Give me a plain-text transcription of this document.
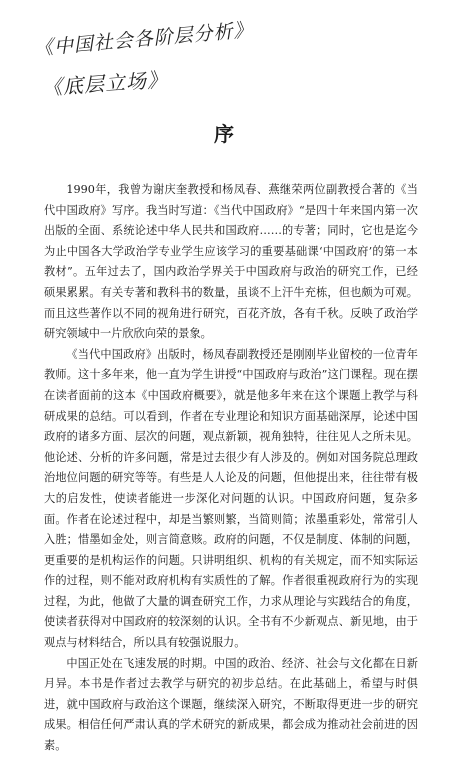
《中国社会各阶层分析》
《底层立场》
序

1990年，我曾为谢庆奎教授和杨凤春、燕继荣两位副教授合著的《当代中国政府》写序。我当时写道：《当代中国政府》“是四十年来国内第一次出版的全面、系统论述中华人民共和国政府……的专著；同时，它也是迄今为止中国各大学政治学专业学生应该学习的重要基础课‘中国政府’的第一本教材”。五年过去了，国内政治学界关于中国政府与政治的研究工作，已经硕果累累。有关专著和教科书的数量，虽谈不上汗牛充栋，但也颇为可观。而且这些著作以不同的视角进行研究，百花齐放，各有千秋。反映了政治学研究领域中一片欣欣向荣的景象。

《当代中国政府》出版时，杨凤春副教授还是刚刚毕业留校的一位青年教师。这十多年来，他一直为学生讲授“中国政府与政治”这门课程。现在摆在读者面前的这本《中国政府概要》，就是他多年来在这个课题上教学与科研成果的总结。可以看到，作者在专业理论和知识方面基础深厚，论述中国政府的诸多方面、层次的问题，观点新颖，视角独特，往往见人之所未见。他论述、分析的许多问题，常是过去很少有人涉及的。例如对国务院总理政治地位问题的研究等等。有些是人人论及的问题，但他提出来，往往带有极大的启发性，使读者能进一步深化对问题的认识。中国政府问题，复杂多面。作者在论述过程中，却是当繁则繁，当简则简；浓墨重彩处，常常引人入胜；惜墨如金处，则言简意赅。政府的问题，不仅是制度、体制的问题，更重要的是机构运作的问题。只讲明组织、机构的有关规定，而不知实际运作的过程，则不能对政府机构有实质性的了解。作者很重视政府行为的实现过程，为此，他做了大量的调查研究工作，力求从理论与实践结合的角度，使读者获得对中国政府的较深刻的认识。全书有不少新观点、新见地，由于观点与材料结合，所以具有较强说服力。

中国正处在飞速发展的时期。中国的政治、经济、社会与文化都在日新月异。本书是作者过去教学与研究的初步总结。在此基础上，希望与时俱进，就中国政府与政治这个课题，继续深入研究，不断取得更进一步的研究成果。相信任何严肃认真的学术研究的新成果，都会成为推动社会前进的因素。
